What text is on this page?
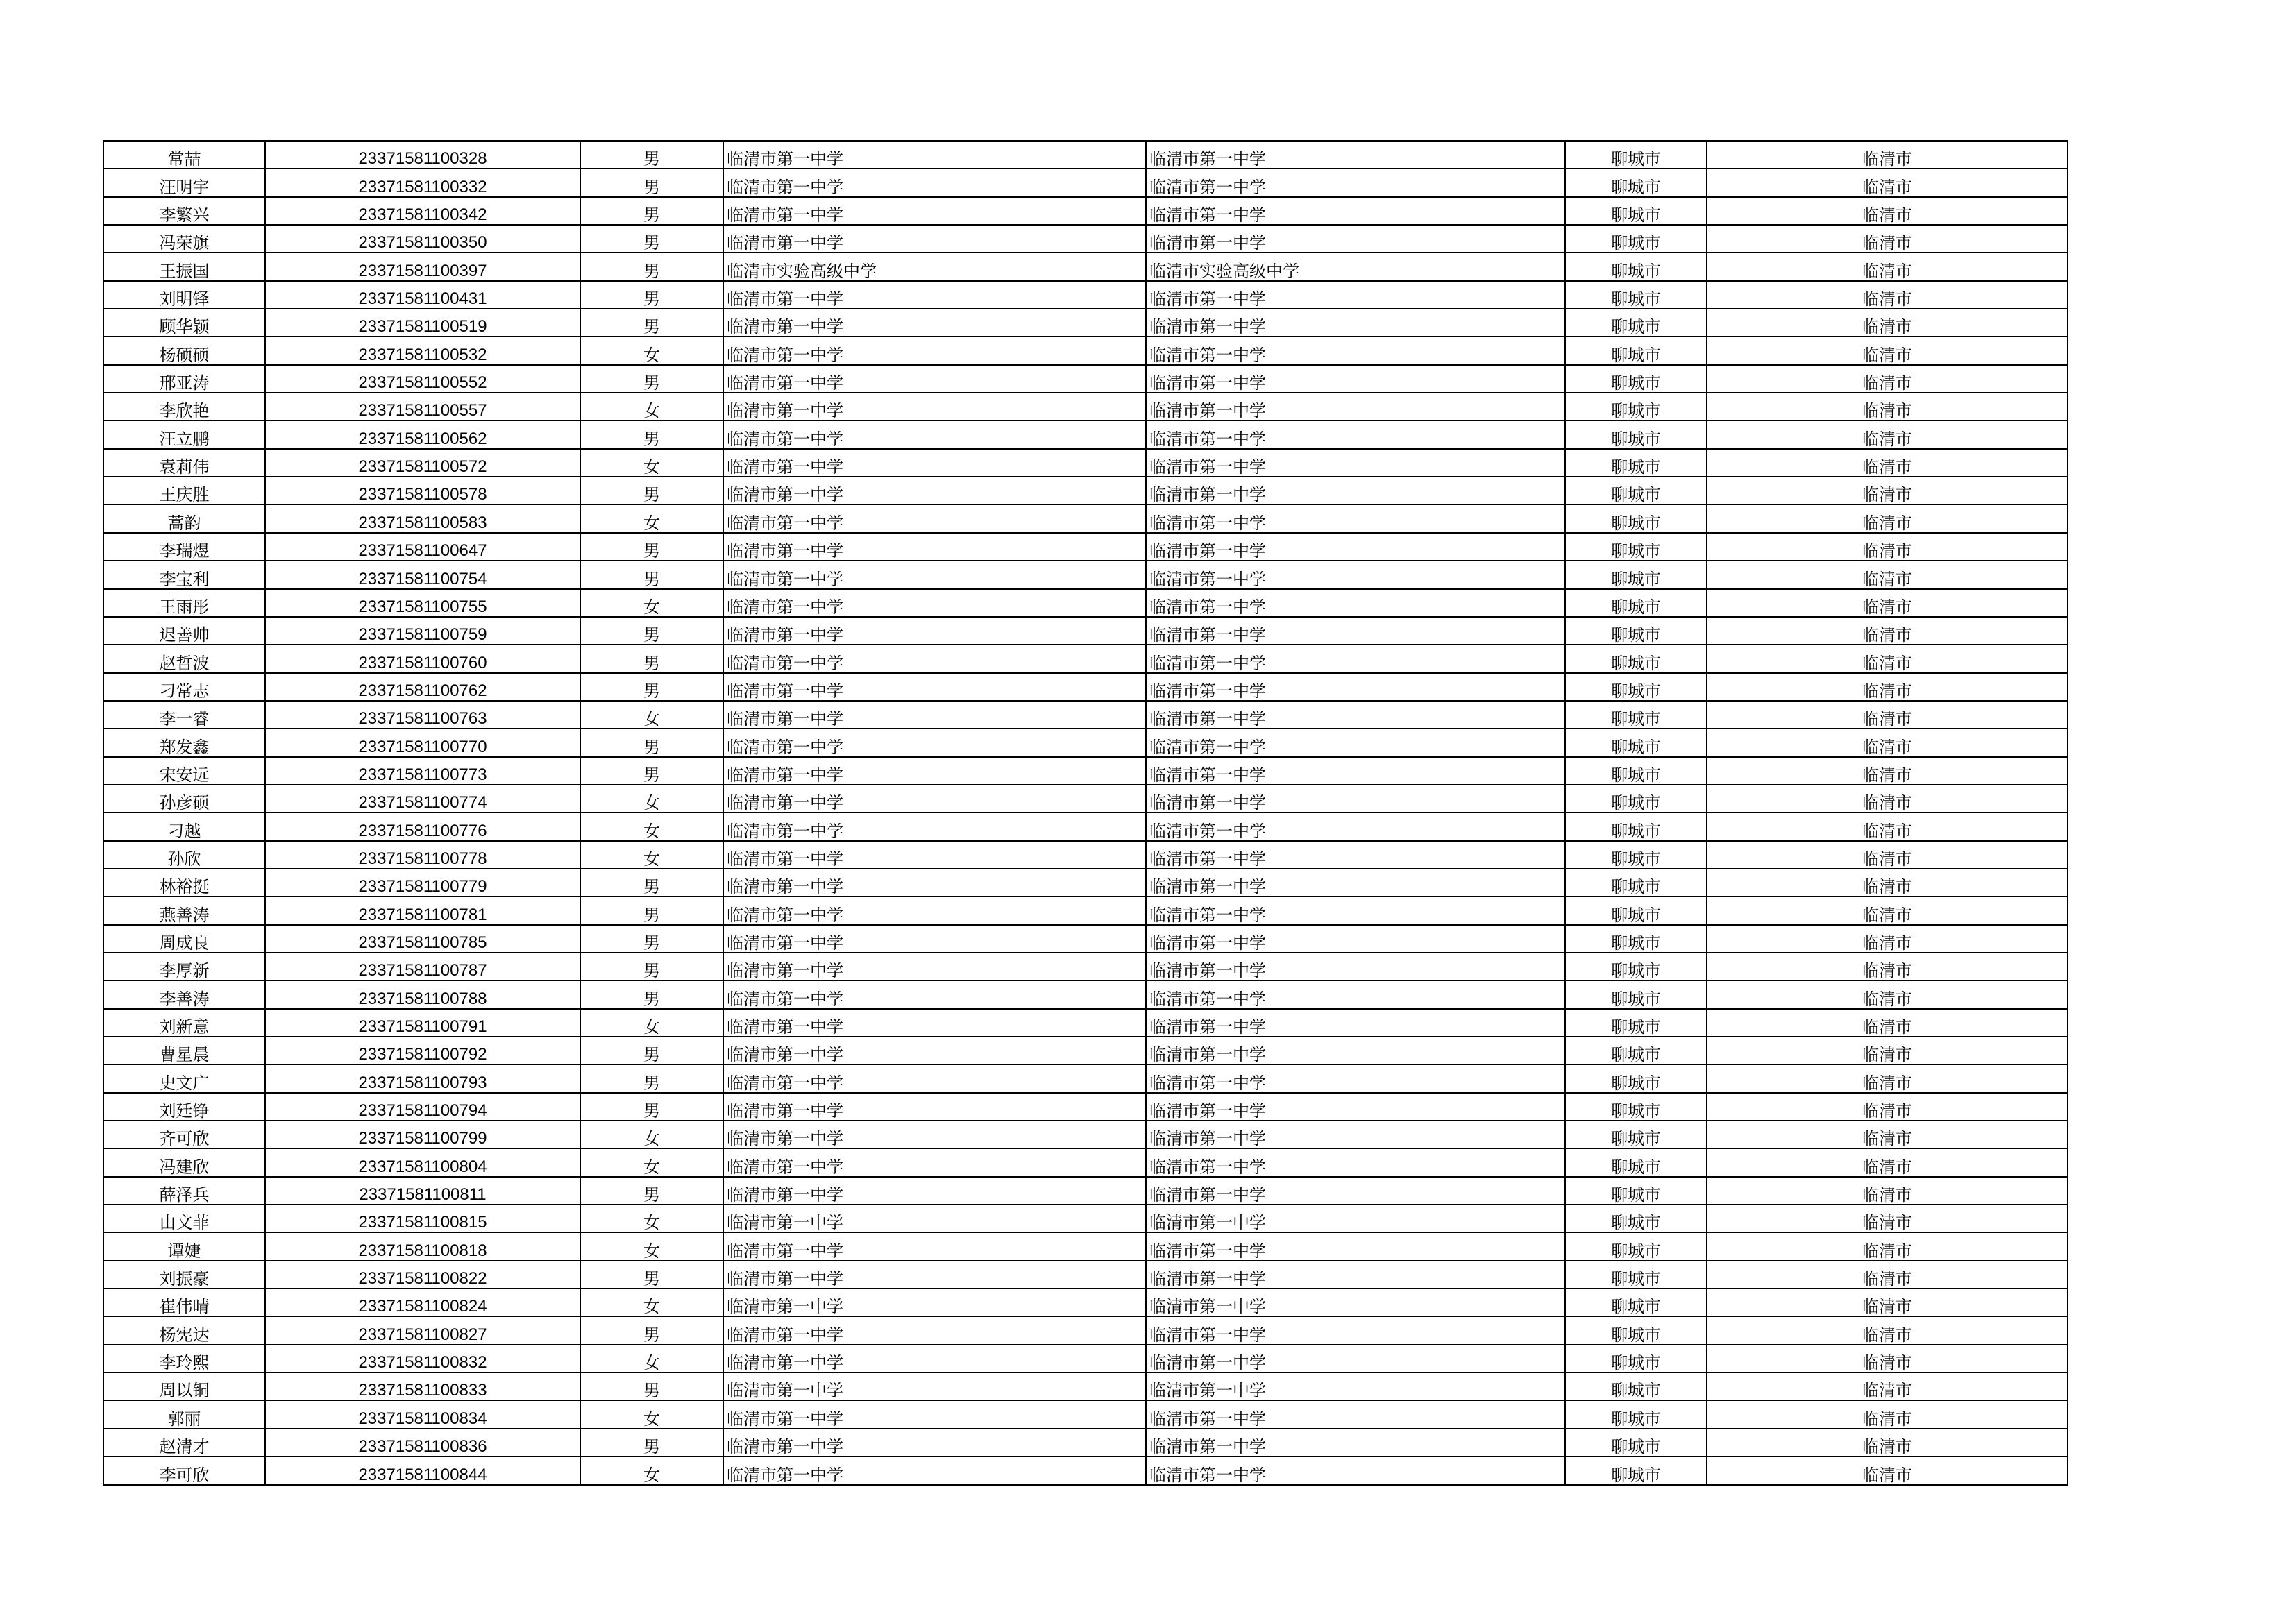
常喆	23371581100328	男	临清市第一中学	临清市第一中学	聊城市	临清市
汪明宇	23371581100332	男	临清市第一中学	临清市第一中学	聊城市	临清市
李繁兴	23371581100342	男	临清市第一中学	临清市第一中学	聊城市	临清市
冯荣旗	23371581100350	男	临清市第一中学	临清市第一中学	聊城市	临清市
王振国	23371581100397	男	临清市实验高级中学	临清市实验高级中学	聊城市	临清市
刘明铎	23371581100431	男	临清市第一中学	临清市第一中学	聊城市	临清市
顾华颖	23371581100519	男	临清市第一中学	临清市第一中学	聊城市	临清市
杨硕硕	23371581100532	女	临清市第一中学	临清市第一中学	聊城市	临清市
邢亚涛	23371581100552	男	临清市第一中学	临清市第一中学	聊城市	临清市
李欣艳	23371581100557	女	临清市第一中学	临清市第一中学	聊城市	临清市
汪立鹏	23371581100562	男	临清市第一中学	临清市第一中学	聊城市	临清市
袁莉伟	23371581100572	女	临清市第一中学	临清市第一中学	聊城市	临清市
王庆胜	23371581100578	男	临清市第一中学	临清市第一中学	聊城市	临清市
蒿韵	23371581100583	女	临清市第一中学	临清市第一中学	聊城市	临清市
李瑞煜	23371581100647	男	临清市第一中学	临清市第一中学	聊城市	临清市
李宝利	23371581100754	男	临清市第一中学	临清市第一中学	聊城市	临清市
王雨彤	23371581100755	女	临清市第一中学	临清市第一中学	聊城市	临清市
迟善帅	23371581100759	男	临清市第一中学	临清市第一中学	聊城市	临清市
赵哲波	23371581100760	男	临清市第一中学	临清市第一中学	聊城市	临清市
刁常志	23371581100762	男	临清市第一中学	临清市第一中学	聊城市	临清市
李一睿	23371581100763	女	临清市第一中学	临清市第一中学	聊城市	临清市
郑发鑫	23371581100770	男	临清市第一中学	临清市第一中学	聊城市	临清市
宋安远	23371581100773	男	临清市第一中学	临清市第一中学	聊城市	临清市
孙彦硕	23371581100774	女	临清市第一中学	临清市第一中学	聊城市	临清市
刁越	23371581100776	女	临清市第一中学	临清市第一中学	聊城市	临清市
孙欣	23371581100778	女	临清市第一中学	临清市第一中学	聊城市	临清市
林裕挺	23371581100779	男	临清市第一中学	临清市第一中学	聊城市	临清市
燕善涛	23371581100781	男	临清市第一中学	临清市第一中学	聊城市	临清市
周成良	23371581100785	男	临清市第一中学	临清市第一中学	聊城市	临清市
李厚新	23371581100787	男	临清市第一中学	临清市第一中学	聊城市	临清市
李善涛	23371581100788	男	临清市第一中学	临清市第一中学	聊城市	临清市
刘新意	23371581100791	女	临清市第一中学	临清市第一中学	聊城市	临清市
曹星晨	23371581100792	男	临清市第一中学	临清市第一中学	聊城市	临清市
史文广	23371581100793	男	临清市第一中学	临清市第一中学	聊城市	临清市
刘廷铮	23371581100794	男	临清市第一中学	临清市第一中学	聊城市	临清市
齐可欣	23371581100799	女	临清市第一中学	临清市第一中学	聊城市	临清市
冯建欣	23371581100804	女	临清市第一中学	临清市第一中学	聊城市	临清市
薛泽兵	23371581100811	男	临清市第一中学	临清市第一中学	聊城市	临清市
由文菲	23371581100815	女	临清市第一中学	临清市第一中学	聊城市	临清市
谭婕	23371581100818	女	临清市第一中学	临清市第一中学	聊城市	临清市
刘振豪	23371581100822	男	临清市第一中学	临清市第一中学	聊城市	临清市
崔伟晴	23371581100824	女	临清市第一中学	临清市第一中学	聊城市	临清市
杨宪达	23371581100827	男	临清市第一中学	临清市第一中学	聊城市	临清市
李玲熙	23371581100832	女	临清市第一中学	临清市第一中学	聊城市	临清市
周以铜	23371581100833	男	临清市第一中学	临清市第一中学	聊城市	临清市
郭丽	23371581100834	女	临清市第一中学	临清市第一中学	聊城市	临清市
赵清才	23371581100836	男	临清市第一中学	临清市第一中学	聊城市	临清市
李可欣	23371581100844	女	临清市第一中学	临清市第一中学	聊城市	临清市
